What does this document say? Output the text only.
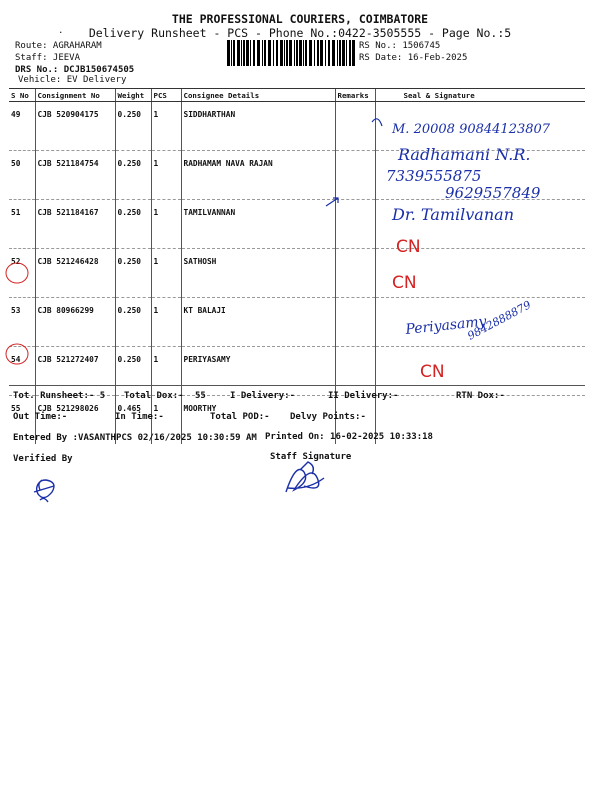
THE PROFESSIONAL COURIERS, COIMBATORE
.	Delivery Runsheet - PCS - Phone No.:0422-3505555 - Page No.:5
Route: AGRAHARAM
Staff: JEEVA
DRS No.: DCJB150674505
Vehicle: EV Delivery
RS No.: 1506745
RS Date: 16-Feb-2025
S No	Consignment No	Weight	PCS	Consignee Details	Remarks	Seal & Signature
49	CJB 520904175	0.250	1	SIDDHARTHAN		
50	CJB 521184754	0.250	1	RADHAMAM NAVA RAJAN		
51	CJB 521184167	0.250	1	TAMILVANNAN		
52	CJB 521246428	0.250	1	SATHOSH		
53	CJB 80966299	0.250	1	KT BALAJI		
54	CJB 521272407	0.250	1	PERIYASAMY		
55	CJB 521298026	0.465	1	MOORTHY		
Tot. Runsheet:- 5 Total Dox:- 55	I Delivery:-	II Delivery:-	RTN Dox:-
Out Time:-	In Time:-	Total POD:- Delvy Points:-
Entered By :VASANTHPCS 02/16/2025 10:30:59 AM Printed On: 16-02-2025 10:33:18
Verified By	Staff Signature
M. 20008 90844123807
Radhamani N.R.
7339555875
9629557849
Dr. Tamilvanan
CN
CN
CN
Periyasamy
9842888879
